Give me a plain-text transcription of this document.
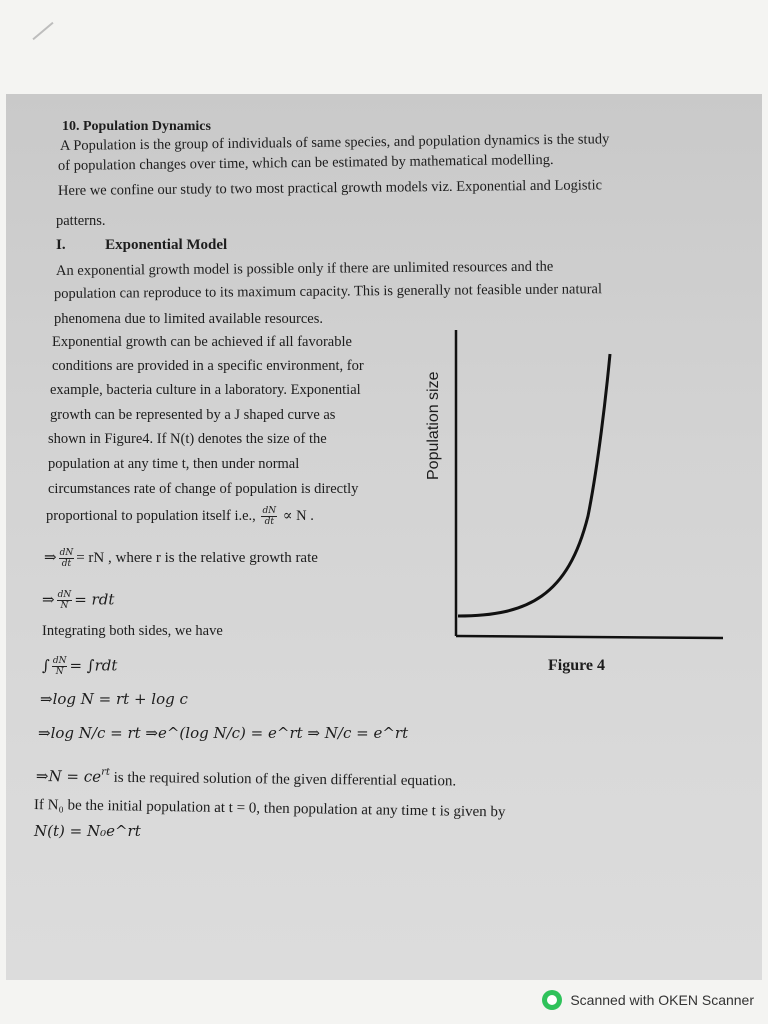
10. Population Dynamics
A Population is the group of individuals of same species, and population dynamics is the study
of population changes over time, which can be estimated by mathematical modelling.
Here we confine our study to two most practical growth models viz. Exponential and Logistic
patterns.
I.	Exponential Model
An exponential growth model is possible only if there are unlimited resources and the
population can reproduce to its maximum capacity. This is generally not feasible under natural
phenomena due to limited available resources.
Exponential growth can be achieved if all favorable
conditions are provided in a specific environment, for
example, bacteria culture in a laboratory. Exponential
growth can be represented by a J shaped curve as
shown in Figure4. If N(t) denotes the size of the
population at any time t, then under normal
circumstances rate of change of population is directly
proportional to population itself i.e., $\frac{dN}{dt} \propto N$ .
⇒ $\frac{dN}{dt}$ = rN , where r is the relative growth rate
⇒ $\frac{dN}{N}$ = rdt
Integrating both sides, we have
∫ $\frac{dN}{N} = \int rdt$
⇒log N = rt + log c
⇒log N/c = rt ⇒e^(log N/c) = e^rt ⇒ N/c = e^rt
⇒N = $ce^{rt}$ is the required solution of the given differential equation.
If N₀ be the initial population at t = 0, then population at any time t is given by
N(t) = N₀e^rt
Population size
Figure 4
Scanned with OKEN Scanner
